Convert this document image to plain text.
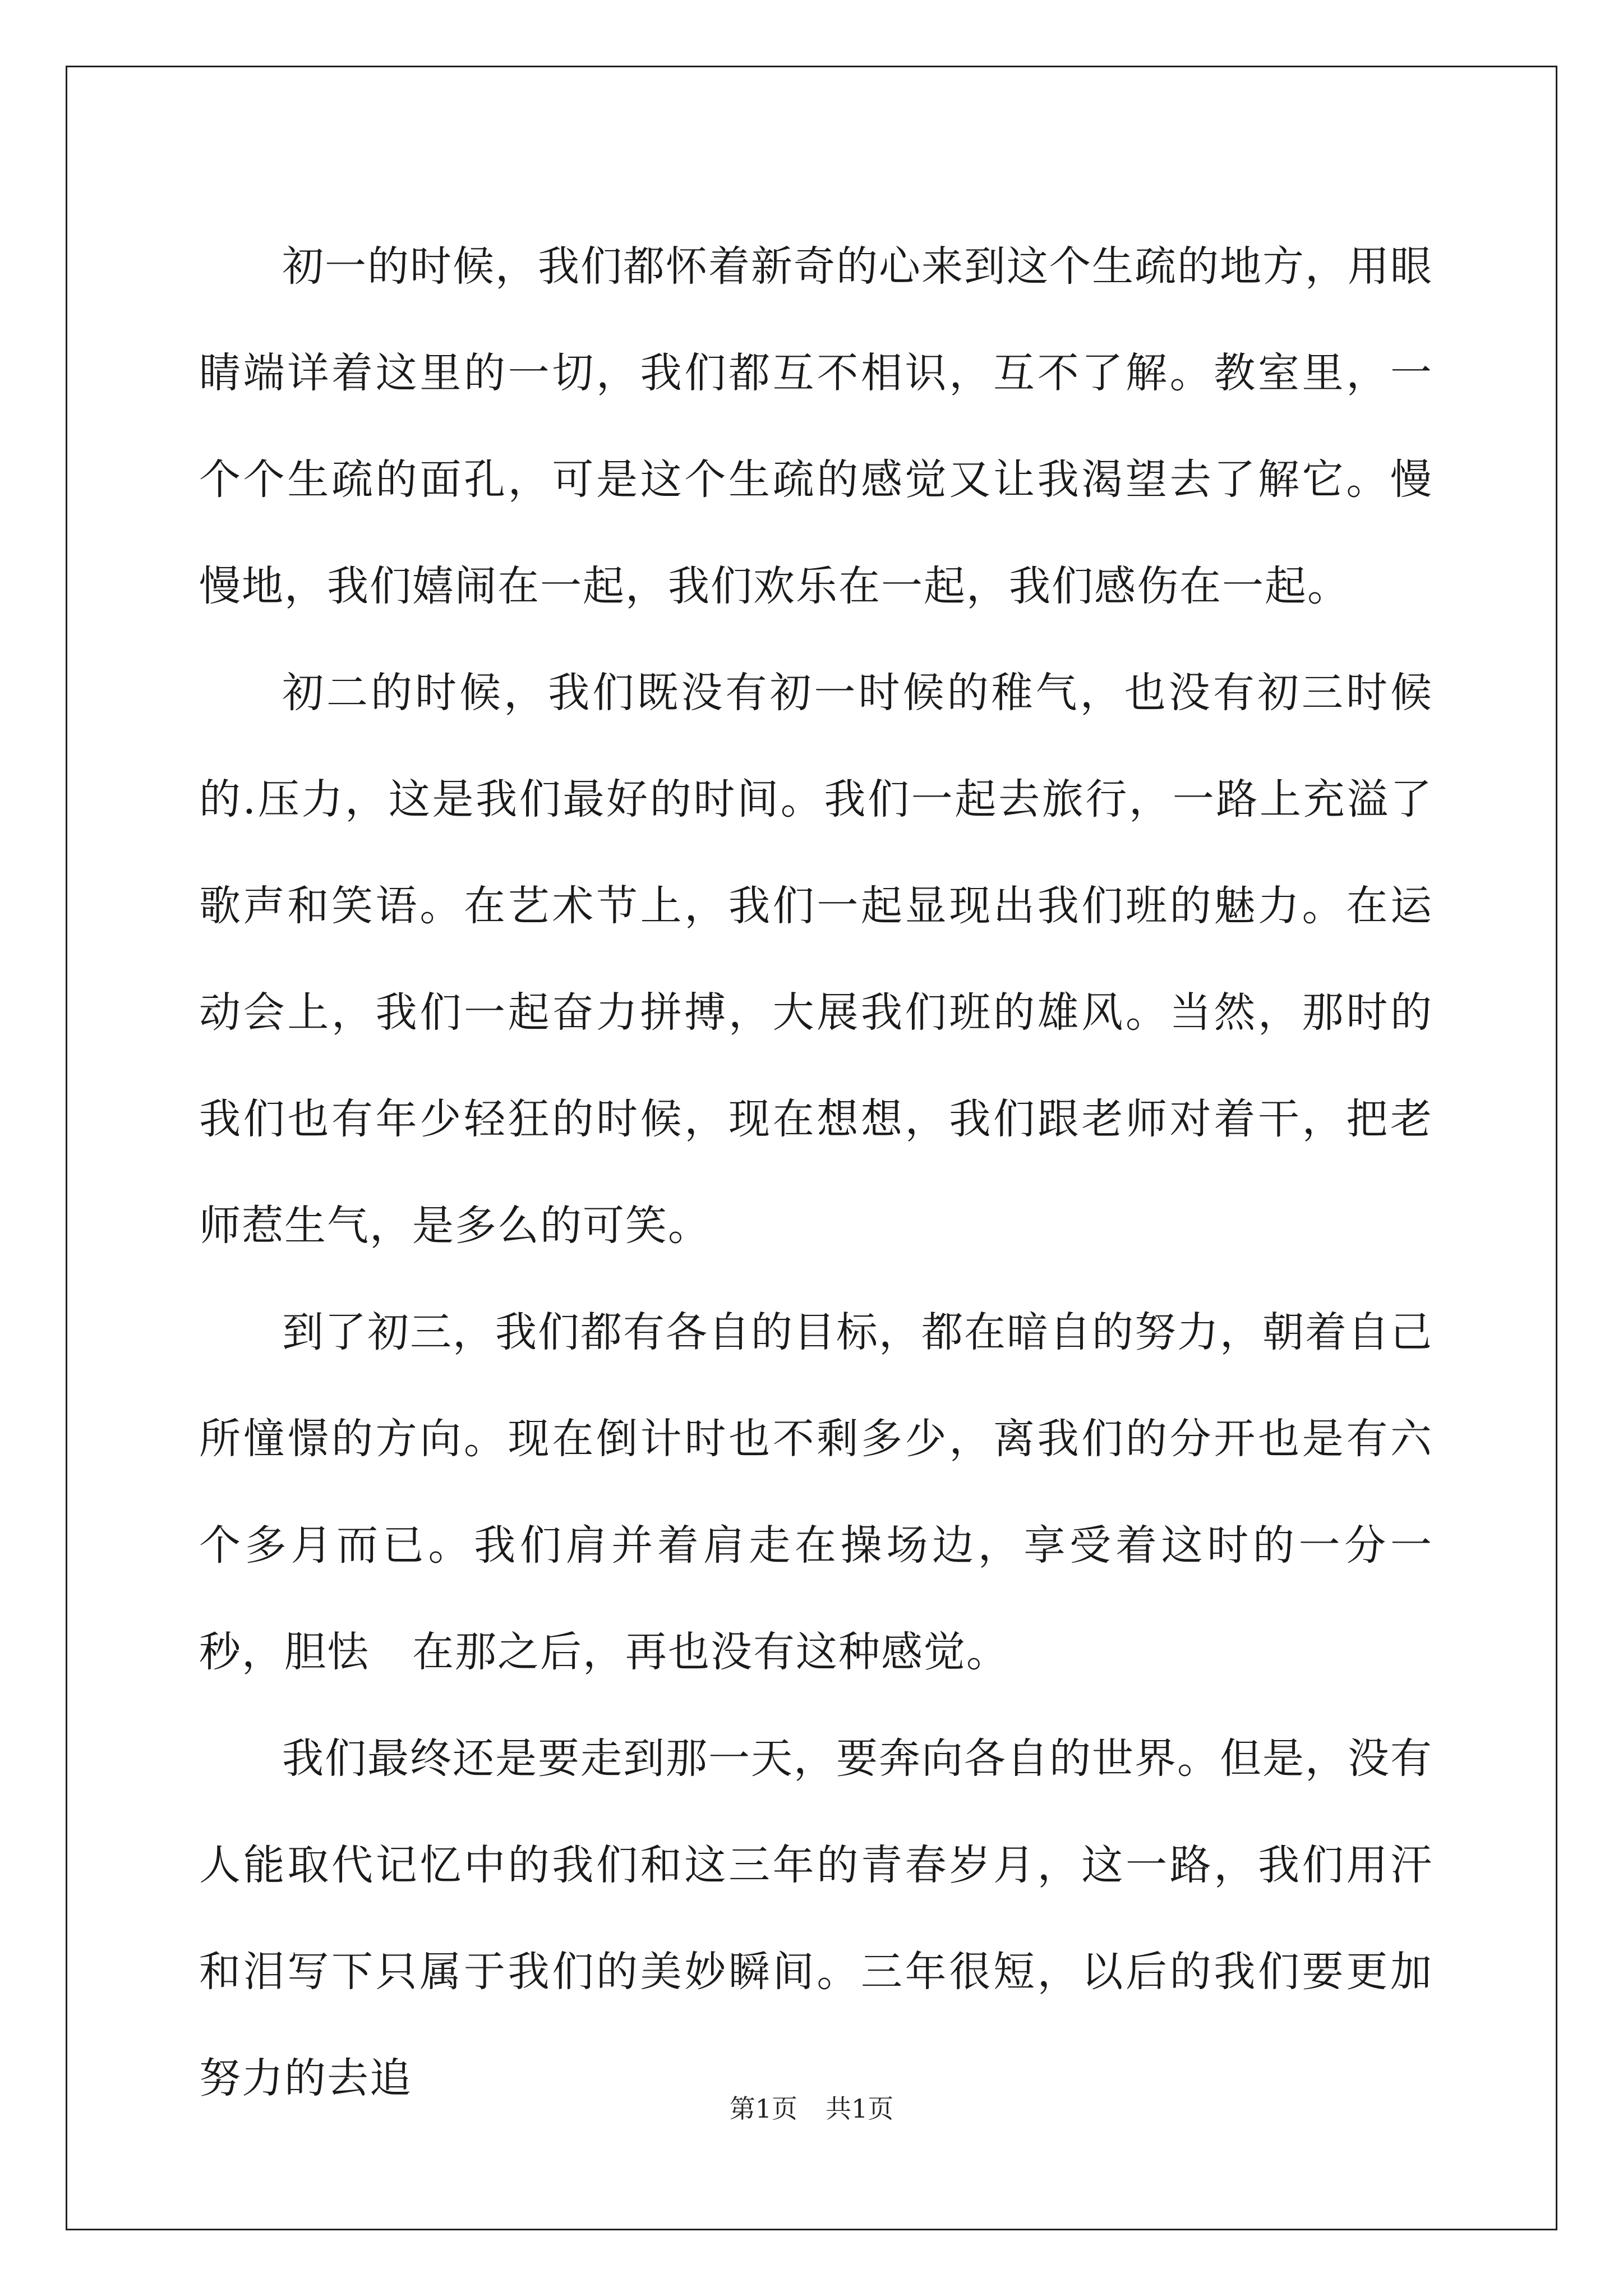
初一的时候，我们都怀着新奇的心来到这个生疏的地方，用眼睛端详着这里的一切，我们都互不相识，互不了解。教室里，一个个生疏的面孔，可是这个生疏的感觉又让我渴望去了解它。慢慢地，我们嬉闹在一起，我们欢乐在一起，我们感伤在一起。

初二的时候，我们既没有初一时候的稚气，也没有初三时候的.压力，这是我们最好的时间。我们一起去旅行，一路上充溢了歌声和笑语。在艺术节上，我们一起显现出我们班的魅力。在运动会上，我们一起奋力拼搏，大展我们班的雄风。当然，那时的我们也有年少轻狂的时候，现在想想，我们跟老师对着干，把老师惹生气，是多么的可笑。

到了初三，我们都有各自的目标，都在暗自的努力，朝着自己所憧憬的方向。现在倒计时也不剩多少，离我们的分开也是有六个多月而已。我们肩并着肩走在操场边，享受着这时的一分一秒，胆怯　在那之后，再也没有这种感觉。

我们最终还是要走到那一天，要奔向各自的世界。但是，没有人能取代记忆中的我们和这三年的青春岁月，这一路，我们用汗和泪写下只属于我们的美妙瞬间。三年很短，以后的我们要更加努力的去追

第1页 共1页
